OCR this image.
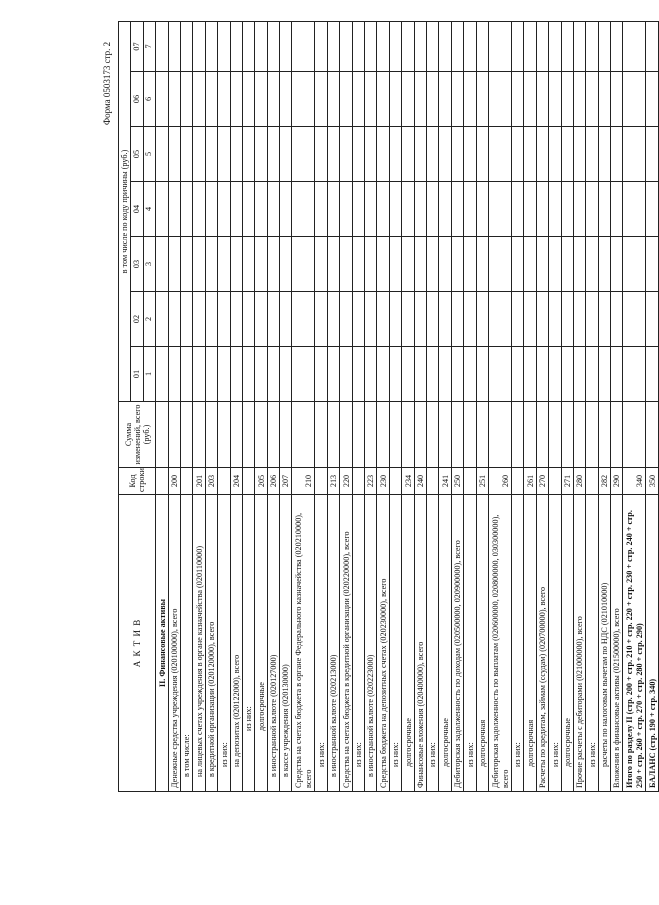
Форма 0503173 стр. 2
А К Т И В	Код строки	Сумма изменений, всего (руб.)	в том числе по коду причины (руб.)							
			01	02	03	04	05	06	07	
			1	2	3	4	5	6	7			
II. Финансовые активы										
Денежные средства учреждения (020100000), всего	200									
в том числе:										
на лицевых счетах учреждения в органе казначейства (020110000)	201									
в кредитной организации (020120000), всего	203									
из них:										
на депозитах (020122000), всего	204									
из них:										
долгосрочные	205									
в иностранной валюте (020127000)	206									
в кассе учреждения (020130000)	207									
Средства на счетах бюджета в органе Федерального казначейства (020210000), всего	210									
из них:										
в иностранной валюте (020213000)	213									
Средства на счетах бюджета в кредитной организации (020220000), всего	220									
из них:										
в иностранной валюте (020223000)	223									
Средства бюджета на депозитных счетах (020230000), всего	230									
из них:										
долгосрочные	234									
Финансовые вложения (020400000), всего	240									
из них:										
долгосрочные	241									
Дебиторская задолженность по доходам (020500000, 020900000), всего	250									
из них:										
долгосрочная	251									
Дебиторская задолженность по выплатам (020600000, 020800000, 030300000), всего	260									
из них:										
долгосрочная	261									
Расчеты по кредитам, займам (ссудам) (020700000), всего	270									
из них:										
долгосрочные	271									
Прочие расчеты с дебиторами (021000000), всего	280									
из них:										
расчеты по налоговым вычетам по НДС (021010000)	282									
Вложения в финансовые активы (021500000), всего	290									
Итого по разделу II (стр. 200 + стр. 210 + стр. 220 + стр. 230 + стр. 240 + стр. 250 + стр. 260 + стр. 270 + стр. 280 + стр. 290)	340									
БАЛАНС (стр. 190 + стр. 340)	350									
